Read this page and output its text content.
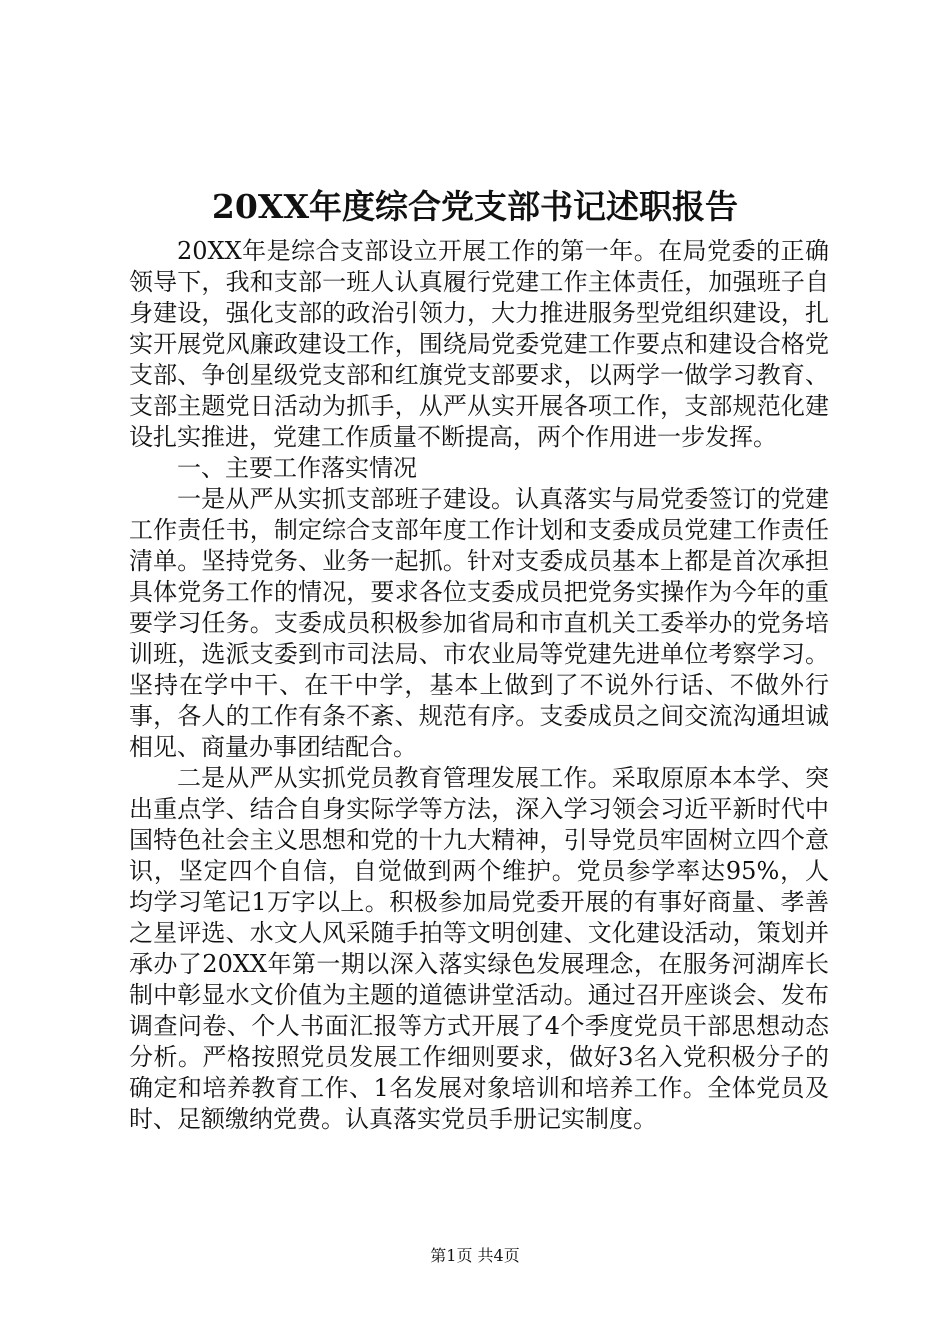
20XX年度综合党支部书记述职报告

20XX年是综合支部设立开展工作的第一年。在局党委的正确领导下，我和支部一班人认真履行党建工作主体责任，加强班子自身建设，强化支部的政治引领力，大力推进服务型党组织建设，扎实开展党风廉政建设工作，围绕局党委党建工作要点和建设合格党支部、争创星级党支部和红旗党支部要求，以两学一做学习教育、支部主题党日活动为抓手，从严从实开展各项工作，支部规范化建设扎实推进，党建工作质量不断提高，两个作用进一步发挥。

一、主要工作落实情况

一是从严从实抓支部班子建设。认真落实与局党委签订的党建工作责任书，制定综合支部年度工作计划和支委成员党建工作责任清单。坚持党务、业务一起抓。针对支委成员基本上都是首次承担具体党务工作的情况，要求各位支委成员把党务实操作为今年的重要学习任务。支委成员积极参加省局和市直机关工委举办的党务培训班，选派支委到市司法局、市农业局等党建先进单位考察学习。坚持在学中干、在干中学，基本上做到了不说外行话、不做外行事，各人的工作有条不紊、规范有序。支委成员之间交流沟通坦诚相见、商量办事团结配合。

二是从严从实抓党员教育管理发展工作。采取原原本本学、突出重点学、结合自身实际学等方法，深入学习领会习近平新时代中国特色社会主义思想和党的十九大精神，引导党员牢固树立四个意识，坚定四个自信，自觉做到两个维护。党员参学率达95%，人均学习笔记1万字以上。积极参加局党委开展的有事好商量、孝善之星评选、水文人风采随手拍等文明创建、文化建设活动，策划并承办了20XX年第一期以深入落实绿色发展理念，在服务河湖库长制中彰显水文价值为主题的道德讲堂活动。通过召开座谈会、发布调查问卷、个人书面汇报等方式开展了4个季度党员干部思想动态分析。严格按照党员发展工作细则要求，做好3名入党积极分子的确定和培养教育工作、1名发展对象培训和培养工作。全体党员及时、足额缴纳党费。认真落实党员手册记实制度。

第1页 共4页
